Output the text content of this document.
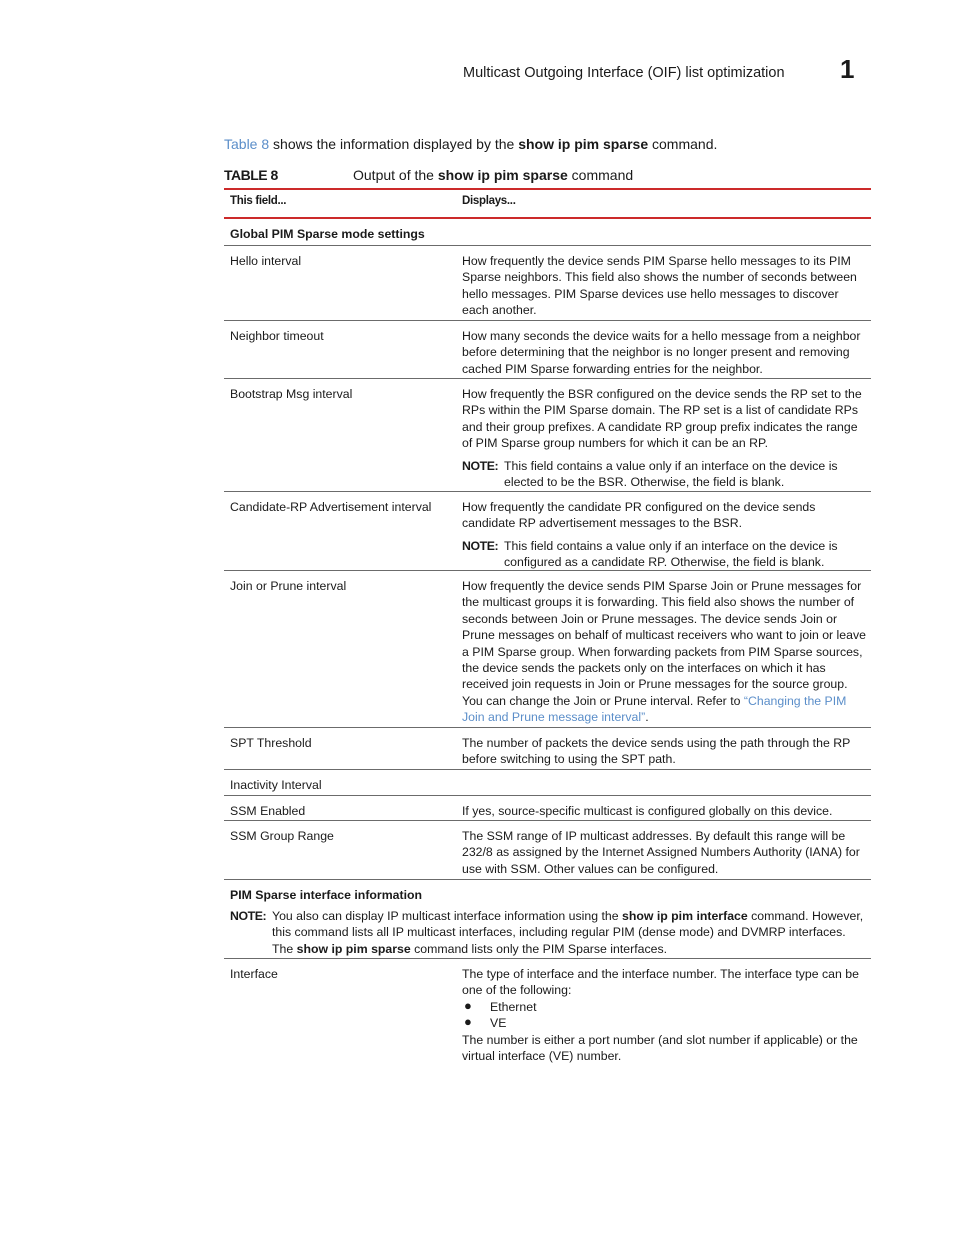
Multicast Outgoing Interface (OIF) list optimization 1
Table 8 shows the information displayed by the show ip pim sparse command.
TABLE 8	Output of the show ip pim sparse command
This field...	Displays...
Global PIM Sparse mode settings
Hello interval	How frequently the device sends PIM Sparse hello messages to its PIM Sparse neighbors. This field also shows the number of seconds between hello messages. PIM Sparse devices use hello messages to discover each another.
Neighbor timeout	How many seconds the device waits for a hello message from a neighbor before determining that the neighbor is no longer present and removing cached PIM Sparse forwarding entries for the neighbor.
Bootstrap Msg interval	How frequently the BSR configured on the device sends the RP set to the RPs within the PIM Sparse domain. The RP set is a list of candidate RPs and their group prefixes. A candidate RP group prefix indicates the range of PIM Sparse group numbers for which it can be an RP.
NOTE: This field contains a value only if an interface on the device is elected to be the BSR. Otherwise, the field is blank.
Candidate-RP Advertisement interval	How frequently the candidate PR configured on the device sends candidate RP advertisement messages to the BSR.
NOTE: This field contains a value only if an interface on the device is configured as a candidate RP. Otherwise, the field is blank.
Join or Prune interval	How frequently the device sends PIM Sparse Join or Prune messages for the multicast groups it is forwarding. This field also shows the number of seconds between Join or Prune messages. The device sends Join or Prune messages on behalf of multicast receivers who want to join or leave a PIM Sparse group. When forwarding packets from PIM Sparse sources, the device sends the packets only on the interfaces on which it has received join requests in Join or Prune messages for the source group. You can change the Join or Prune interval. Refer to “Changing the PIM Join and Prune message interval”.
SPT Threshold	The number of packets the device sends using the path through the RP before switching to using the SPT path.
Inactivity Interval
SSM Enabled	If yes, source-specific multicast is configured globally on this device.
SSM Group Range	The SSM range of IP multicast addresses. By default this range will be 232/8 as assigned by the Internet Assigned Numbers Authority (IANA) for use with SSM. Other values can be configured.
PIM Sparse interface information
NOTE: You also can display IP multicast interface information using the show ip pim interface command. However, this command lists all IP multicast interfaces, including regular PIM (dense mode) and DVMRP interfaces. The show ip pim sparse command lists only the PIM Sparse interfaces.
Interface	The type of interface and the interface number. The interface type can be one of the following:
● Ethernet
● VE
The number is either a port number (and slot number if applicable) or the virtual interface (VE) number.
